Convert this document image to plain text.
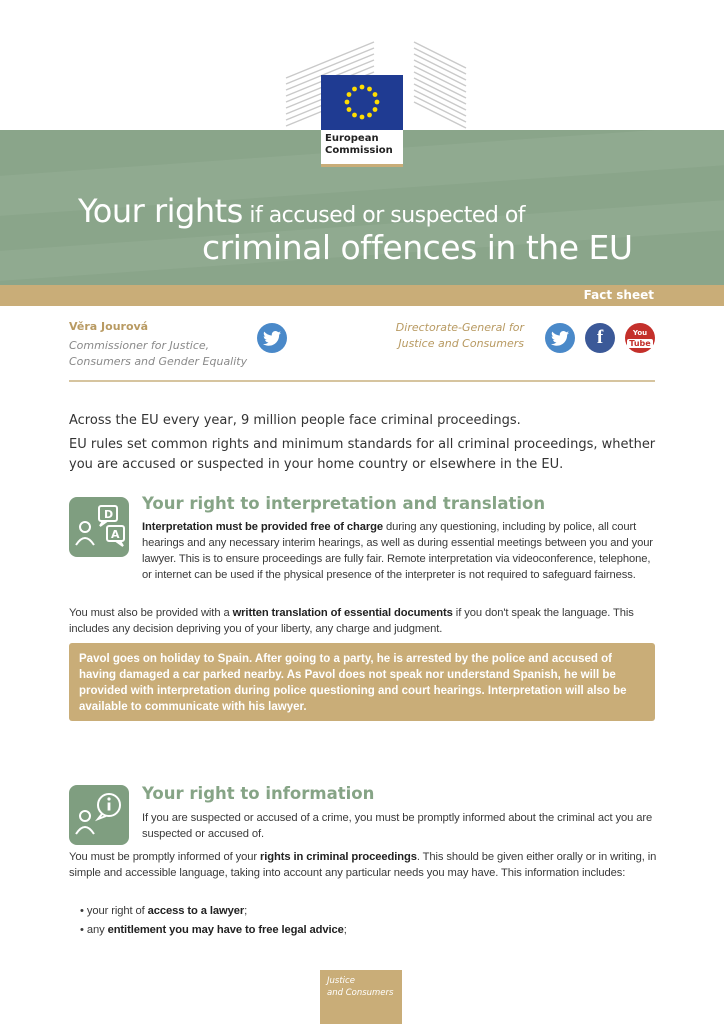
European
Commission
Your rights if accused or suspected of
criminal offences in the EU
Fact sheet
Věra Jourová
Commissioner for Justice,
Consumers and Gender Equality
Directorate-General for
Justice and Consumers	f	You
Tube
Across the EU every year, 9 million people face criminal proceedings.
EU rules set common rights and minimum standards for all criminal proceedings, whether you are accused or suspected in your home country or elsewhere in the EU.
D
A
Your right to interpretation and translation
Interpretation must be provided free of charge during any questioning, including by police, all court hearings and any necessary interim hearings, as well as during essential meetings between you and your lawyer. This is to ensure proceedings are fully fair. Remote interpretation via videoconference, telephone, or internet can be used if the physical presence of the interpreter is not required to safeguard fairness.
You must also be provided with a written translation of essential documents if you don't speak the language. This includes any decision depriving you of your liberty, any charge and judgment.

Pavol goes on holiday to Spain. After going to a party, he is arrested by the police and accused of having damaged a car parked nearby. As Pavol does not speak nor understand Spanish, he will be provided with interpretation during police questioning and court hearings. Interpretation will also be available to communicate with his lawyer.

Your right to information
If you are suspected or accused of a crime, you must be promptly informed about the criminal act you are suspected or accused of.
You must be promptly informed of your rights in criminal proceedings. This should be given either orally or in writing, in simple and accessible language, taking into account any particular needs you may have. This information includes:
• your right of access to a lawyer;
• any entitlement you may have to free legal advice;
Justice
and Consumers
